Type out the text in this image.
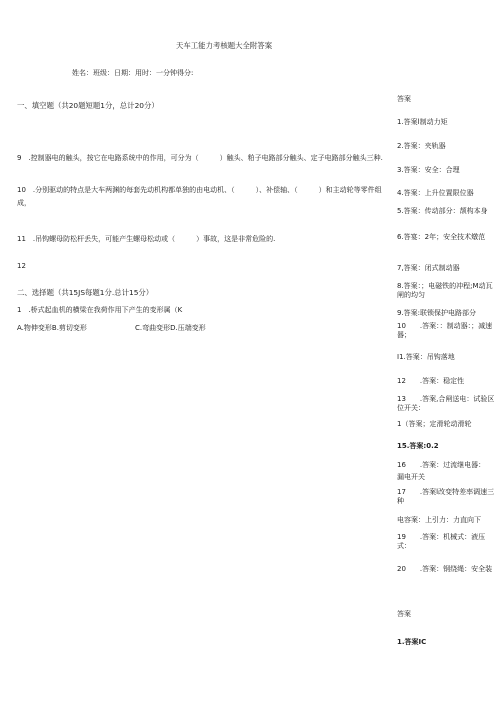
天车工能力考核题大全附答案
姓名：班级：日期：用时：一分钟得分:
一、填空题（共20题短题1分，总计20分）
9　.控制器电的触头，按它在电路系统中的作用，可分为（　　　）触头、粕子电路部分触头、定子电路部分触头三种.
10　.分别驱动的特点是大车两渊的每套先动机构都单独的由电动机、（　　　）、补偿轴、（　　　）和主动轮等零件组成，
11　.吊钩螺母防松杆丢失，可能产生螺母松动或（　　　）事故，这是非常危险的.
12
二、选择题（共15JS每题1分.总计15分）
1　.桥式起血机的横梁在我荷作用下产生的变形属（K
A.物伸变形B.剪切变形	C.弯曲变形D.压端变形
答案
1.答案l制动力矩
2.答案：夹轨器
3.答案：安全：合理
4.答案：上升位置限位器
5.答案：传动部分：颉构本身
6.答宴：2年；安全技术燉范
7,答案：闭式制动器
8.答案：；电磁铁的冲程;M动瓦闸的均匀
9.答案:联锁保护电路部分
10　　.答案：：制动器：；减速器；
I1.答案：吊钩落地
12　　.答案：稳定性
13　　.答案,合闸送电：试验区位开关：
1（答案；定滑轮动滑轮
15.答案:0.2
16　　.答案：过流继电器：
漏电开关
17　　.答案l改变特差率调速三种
电容案：上引力：力直向下
19　　.答案：机械式：液压式：
20　　.答案：钢绕绳：安全装
答案
1.答案IC
